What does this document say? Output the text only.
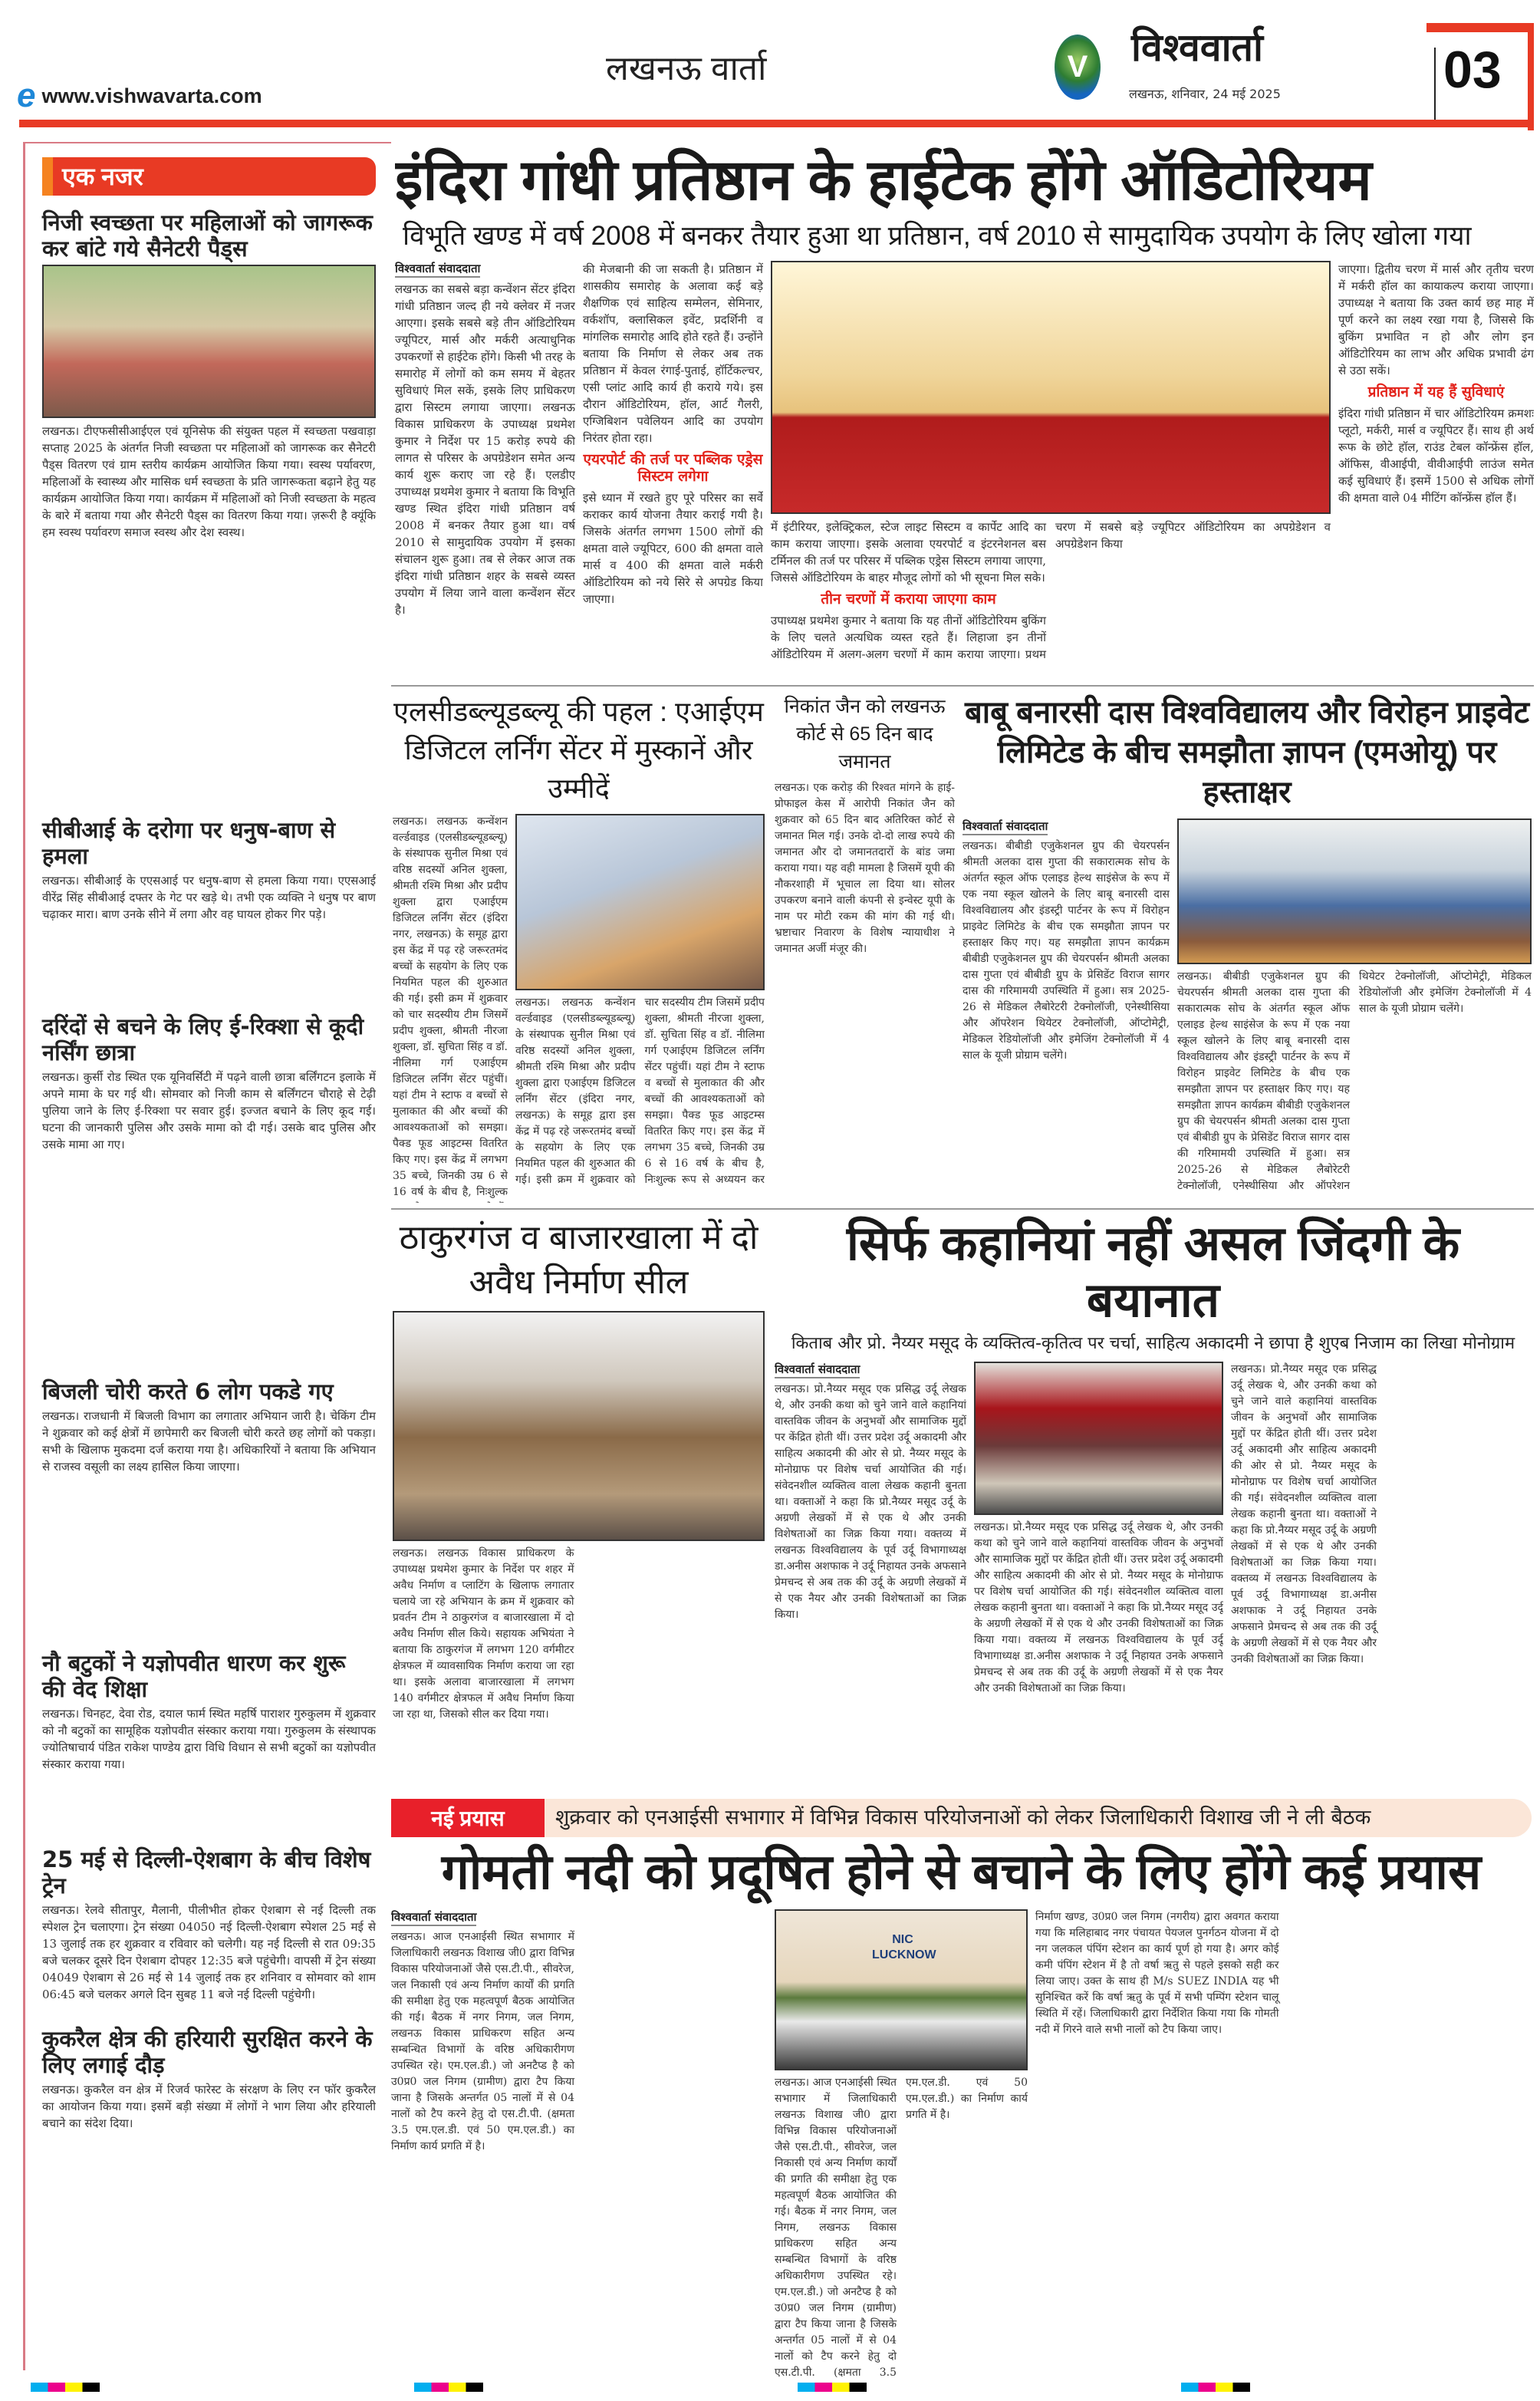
e www.vishwavarta.com
लखनऊ वार्ता	V	विश्ववार्ता
लखनऊ, शनिवार, 24 मई 2025	03
एक नजर
निजी स्वच्छता पर महिलाओं को जागरूक कर बांटे गये सैनेटरी पैड्स
लखनऊ। टीएफसीसीआईएल एवं यूनिसेफ की संयुक्त पहल में स्वच्छता पखवाड़ा सप्ताह 2025 के अंतर्गत निजी स्वच्छता पर महिलाओं को जागरूक कर सैनेटरी पैड्स वितरण एवं ग्राम स्तरीय कार्यक्रम आयोजित किया गया। स्वस्थ पर्यावरण, महिलाओं के स्वास्थ्य और मासिक धर्म स्वच्छता के प्रति जागरूकता बढ़ाने हेतु यह कार्यक्रम आयोजित किया गया। कार्यक्रम में महिलाओं को निजी स्वच्छता के महत्व के बारे में बताया गया और सैनेटरी पैड्स का वितरण किया गया। ज़रूरी है क्यूंकि हम स्वस्थ पर्यावरण समाज स्वस्थ और देश स्वस्थ।
सीबीआई के दरोगा पर धनुष-बाण से हमला
लखनऊ। सीबीआई के एएसआई पर धनुष-बाण से हमला किया गया। एएसआई वीरेंद्र सिंह सीबीआई दफ्तर के गेट पर खड़े थे। तभी एक व्यक्ति ने धनुष पर बाण चढ़ाकर मारा। बाण उनके सीने में लगा और वह घायल होकर गिर पड़े।
दरिंदों से बचने के लिए ई-रिक्शा से कूदी नर्सिंग छात्रा
लखनऊ। कुर्सी रोड स्थित एक यूनिवर्सिटी में पढ़ने वाली छात्रा बर्लिंगटन इलाके में अपने मामा के घर गई थी। सोमवार को निजी काम से बर्लिंगटन चौराहे से टेढ़ी पुलिया जाने के लिए ई-रिक्शा पर सवार हुई। इज्जत बचाने के लिए कूद गई। घटना की जानकारी पुलिस और उसके मामा को दी गई। उसके बाद पुलिस और उसके मामा आ गए।
बिजली चोरी करते 6 लोग पकडे गए
लखनऊ। राजधानी में बिजली विभाग का लगातार अभियान जारी है। चेकिंग टीम ने शुक्रवार को कई क्षेत्रों में छापेमारी कर बिजली चोरी करते छह लोगों को पकड़ा। सभी के खिलाफ मुकदमा दर्ज कराया गया है। अधिकारियों ने बताया कि अभियान से राजस्व वसूली का लक्ष्य हासिल किया जाएगा।
नौ बटुकों ने यज्ञोपवीत धारण कर शुरू की वेद शिक्षा
लखनऊ। चिनहट, देवा रोड, दयाल फार्म स्थित महर्षि पाराशर गुरुकुलम में शुक्रवार को नौ बटुकों का सामूहिक यज्ञोपवीत संस्कार कराया गया। गुरुकुलम के संस्थापक ज्योतिषाचार्य पंडित राकेश पाण्डेय द्वारा विधि विधान से सभी बटुकों का यज्ञोपवीत संस्कार कराया गया।
25 मई से दिल्ली-ऐशबाग के बीच विशेष ट्रेन
लखनऊ। रेलवे सीतापुर, मैलानी, पीलीभीत होकर ऐशबाग से नई दिल्ली तक स्पेशल ट्रेन चलाएगा। ट्रेन संख्या 04050 नई दिल्ली-ऐशबाग स्पेशल 25 मई से 13 जुलाई तक हर शुक्रवार व रविवार को चलेगी। यह नई दिल्ली से रात 09:35 बजे चलकर दूसरे दिन ऐशबाग दोपहर 12:35 बजे पहुंचेगी। वापसी में ट्रेन संख्या 04049 ऐशबाग से 26 मई से 14 जुलाई तक हर शनिवार व सोमवार को शाम 06:45 बजे चलकर अगले दिन सुबह 11 बजे नई दिल्ली पहुंचेगी।
कुकरैल क्षेत्र की हरियारी सुरक्षित करने के लिए लगाई दौड़
लखनऊ। कुकरैल वन क्षेत्र में रिजर्व फारेस्ट के संरक्षण के लिए रन फॉर कुकरैल का आयोजन किया गया। इसमें बड़ी संख्या में लोगों ने भाग लिया और हरियाली बचाने का संदेश दिया।
इंदिरा गांधी प्रतिष्ठान के हाईटेक होंगे ऑडिटोरियम
विभूति खण्ड में वर्ष 2008 में बनकर तैयार हुआ था प्रतिष्ठान, वर्ष 2010 से सामुदायिक उपयोग के लिए खोला गया
विश्ववार्ता संवाददाता
लखनऊ का सबसे बड़ा कन्वेंशन सेंटर इंदिरा गांधी प्रतिष्ठान जल्द ही नये क्लेवर में नजर आएगा। इसके सबसे बड़े तीन ऑडिटोरियम ज्यूपिटर, मार्स और मर्करी अत्याधुनिक उपकरणों से हाईटेक होंगे। किसी भी तरह के समारोह में लोगों को कम समय में बेहतर सुविधाएं मिल सकें, इसके लिए प्राधिकरण द्वारा सिस्टम लगाया जाएगा। लखनऊ विकास प्राधिकरण के उपाध्यक्ष प्रथमेश कुमार ने निर्देश पर 15 करोड़ रुपये की लागत से परिसर के अपग्रेडेशन समेत अन्य कार्य शुरू कराए जा रहे हैं। एलडीए उपाध्यक्ष प्रथमेश कुमार ने बताया कि विभूति खण्ड स्थित इंदिरा गांधी प्रतिष्ठान वर्ष 2008 में बनकर तैयार हुआ था। वर्ष 2010 से सामुदायिक उपयोग में इसका संचालन शुरू हुआ। तब से लेकर आज तक इंदिरा गांधी प्रतिष्ठान शहर के सबसे व्यस्त उपयोग में लिया जाने वाला कन्वेंशन सेंटर है।
की मेजबानी की जा सकती है। प्रतिष्ठान में शासकीय समारोह के अलावा कई बड़े शैक्षणिक एवं साहित्य सम्मेलन, सेमिनार, वर्कशॉप, क्लासिकल इवेंट, प्रदर्शिनी व मांगलिक समारोह आदि होते रहते हैं। उन्होंने बताया कि निर्माण से लेकर अब तक प्रतिष्ठान में केवल रंगाई-पुताई, हॉर्टिकल्चर, एसी प्लांट आदि कार्य ही कराये गये। इस दौरान ऑडिटोरियम, हॉल, आर्ट गैलरी, एग्जिबिशन पवेलियन आदि का उपयोग निरंतर होता रहा।
एयरपोर्ट की तर्ज पर पब्लिक एड्रेस सिस्टम लगेगा
इसे ध्यान में रखते हुए पूरे परिसर का सर्वे कराकर कार्य योजना तैयार कराई गयी है। जिसके अंतर्गत लगभग 1500 लोगों की क्षमता वाले ज्यूपिटर, 600 की क्षमता वाले मार्स व 400 की क्षमता वाले मर्करी ऑडिटोरियम को नये सिरे से अपग्रेड किया जाएगा।
में इंटीरियर, इलेक्ट्रिकल, स्टेज लाइट सिस्टम व कार्पेट आदि का काम कराया जाएगा। इसके अलावा एयरपोर्ट व इंटरनेशनल बस टर्मिनल की तर्ज पर परिसर में पब्लिक एड्रेस सिस्टम लगाया जाएगा, जिससे ऑडिटोरियम के बाहर मौजूद लोगों को भी सूचना मिल सके।
तीन चरणों में कराया जाएगा काम
उपाध्यक्ष प्रथमेश कुमार ने बताया कि यह तीनों ऑडिटोरियम बुकिंग के लिए चलते अत्यधिक व्यस्त रहते हैं। लिहाजा इन तीनों ऑडिटोरियम में अलग-अलग चरणों में काम कराया जाएगा। प्रथम चरण में सबसे बड़े ज्यूपिटर ऑडिटोरियम का अपग्रेडेशन व अपग्रेडेशन किया
जाएगा। द्वितीय चरण में मार्स और तृतीय चरण में मर्करी हॉल का कायाकल्प कराया जाएगा। उपाध्यक्ष ने बताया कि उक्त कार्य छह माह में पूर्ण करने का लक्ष्य रखा गया है, जिससे कि बुकिंग प्रभावित न हो और लोग इन ऑडिटोरियम का लाभ और अधिक प्रभावी ढंग से उठा सकें।
प्रतिष्ठान में यह हैं सुविधाएं
इंदिरा गांधी प्रतिष्ठान में चार ऑडिटोरियम क्रमशः प्लूटो, मर्करी, मार्स व ज्यूपिटर हैं। साथ ही अर्थ रूफ के छोटे हॉल, राउंड टेबल कॉन्फ्रेंस हॉल, ऑफिस, वीआईपी, वीवीआईपी लाउंज समेत कई सुविधाएं हैं। इसमें 1500 से अधिक लोगों की क्षमता वाले 04 मीटिंग कॉन्फ्रेंस हॉल हैं।
एलसीडब्ल्यूडब्ल्यू की पहल : एआईएम डिजिटल लर्निंग सेंटर में मुस्कानें और उम्मीदें
लखनऊ। लखनऊ कन्वेंशन वर्ल्डवाइड (एलसीडब्ल्यूडब्ल्यू) के संस्थापक सुनील मिश्रा एवं वरिष्ठ सदस्यों अनिल शुक्ला, श्रीमती रश्मि मिश्रा और प्रदीप शुक्ला द्वारा एआईएम डिजिटल लर्निंग सेंटर (इंदिरा नगर, लखनऊ) के समूह द्वारा इस केंद्र में पढ़ रहे जरूरतमंद बच्चों के सहयोग के लिए एक नियमित पहल की शुरुआत की गई। इसी क्रम में शुक्रवार को चार सदस्यीय टीम जिसमें प्रदीप शुक्ला, श्रीमती नीरजा शुक्ला, डॉ. सुचिता सिंह व डॉ. नीलिमा गर्ग एआईएम डिजिटल लर्निंग सेंटर पहुंचीं। यहां टीम ने स्टाफ व बच्चों से मुलाकात की और बच्चों की आवश्यकताओं को समझा। पैक्ड फूड आइटम्स वितरित किए गए। इस केंद्र में लगभग 35 बच्चे, जिनकी उम्र 6 से 16 वर्ष के बीच है, निःशुल्क
लखनऊ। लखनऊ कन्वेंशन वर्ल्डवाइड (एलसीडब्ल्यूडब्ल्यू) के संस्थापक सुनील मिश्रा एवं वरिष्ठ सदस्यों अनिल शुक्ला, श्रीमती रश्मि मिश्रा और प्रदीप शुक्ला द्वारा एआईएम डिजिटल लर्निंग सेंटर (इंदिरा नगर, लखनऊ) के समूह द्वारा इस केंद्र में पढ़ रहे जरूरतमंद बच्चों के सहयोग के लिए एक नियमित पहल की शुरुआत की गई। इसी क्रम में शुक्रवार को चार सदस्यीय टीम जिसमें प्रदीप शुक्ला, श्रीमती नीरजा शुक्ला, डॉ. सुचिता सिंह व डॉ. नीलिमा गर्ग एआईएम डिजिटल लर्निंग सेंटर पहुंचीं। यहां टीम ने स्टाफ व बच्चों से मुलाकात की और बच्चों की आवश्यकताओं को समझा। पैक्ड फूड आइटम्स वितरित किए गए। इस केंद्र में लगभग 35 बच्चे, जिनकी उम्र 6 से 16 वर्ष के बीच है, निःशुल्क रूप से अध्ययन कर
निकांत जैन को लखनऊ कोर्ट से 65 दिन बाद जमानत
लखनऊ। एक करोड़ की रिश्वत मांगने के हाई-प्रोफाइल केस में आरोपी निकांत जैन को शुक्रवार को 65 दिन बाद अतिरिक्त कोर्ट से जमानत मिल गई। उनके दो-दो लाख रुपये की जमानत और दो जमानतदारों के बांड जमा कराया गया। यह वही मामला है जिसमें यूपी की नौकरशाही में भूचाल ला दिया था। सोलर उपकरण बनाने वाली कंपनी से इन्वेस्ट यूपी के नाम पर मोटी रकम की मांग की गई थी। भ्रष्टाचार निवारण के विशेष न्यायाधीश ने जमानत अर्जी मंजूर की।
बाबू बनारसी दास विश्वविद्यालय और विरोहन प्राइवेट लिमिटेड के बीच समझौता ज्ञापन (एमओयू) पर हस्ताक्षर
विश्ववार्ता संवाददाता
लखनऊ। बीबीडी एजुकेशनल ग्रुप की चेयरपर्सन श्रीमती अलका दास गुप्ता की सकारात्मक सोच के अंतर्गत स्कूल ऑफ एलाइड हेल्थ साइंसेज के रूप में एक नया स्कूल खोलने के लिए बाबू बनारसी दास विश्वविद्यालय और इंडस्ट्री पार्टनर के रूप में विरोहन प्राइवेट लिमिटेड के बीच एक समझौता ज्ञापन पर हस्ताक्षर किए गए। यह समझौता ज्ञापन कार्यक्रम बीबीडी एजुकेशनल ग्रुप की चेयरपर्सन श्रीमती अलका दास गुप्ता एवं बीबीडी ग्रुप के प्रेसिडेंट विराज सागर दास की गरिमामयी उपस्थिति में हुआ। सत्र 2025-26 से मेडिकल लैबोरेटरी टेक्नोलॉजी, एनेस्थीसिया और ऑपरेशन थियेटर टेक्नोलॉजी, ऑप्टोमेट्री, मेडिकल रेडियोलॉजी और इमेजिंग टेक्नोलॉजी में 4 साल के यूजी प्रोग्राम चलेंगे।
लखनऊ। बीबीडी एजुकेशनल ग्रुप की चेयरपर्सन श्रीमती अलका दास गुप्ता की सकारात्मक सोच के अंतर्गत स्कूल ऑफ एलाइड हेल्थ साइंसेज के रूप में एक नया स्कूल खोलने के लिए बाबू बनारसी दास विश्वविद्यालय और इंडस्ट्री पार्टनर के रूप में विरोहन प्राइवेट लिमिटेड के बीच एक समझौता ज्ञापन पर हस्ताक्षर किए गए। यह समझौता ज्ञापन कार्यक्रम बीबीडी एजुकेशनल ग्रुप की चेयरपर्सन श्रीमती अलका दास गुप्ता एवं बीबीडी ग्रुप के प्रेसिडेंट विराज सागर दास की गरिमामयी उपस्थिति में हुआ। सत्र 2025-26 से मेडिकल लैबोरेटरी टेक्नोलॉजी, एनेस्थीसिया और ऑपरेशन थियेटर टेक्नोलॉजी, ऑप्टोमेट्री, मेडिकल रेडियोलॉजी और इमेजिंग टेक्नोलॉजी में 4 साल के यूजी प्रोग्राम चलेंगे।
ठाकुरगंज व बाजारखाला में दो अवैध निर्माण सील
लखनऊ। लखनऊ विकास प्राधिकरण के उपाध्यक्ष प्रथमेश कुमार के निर्देश पर शहर में अवैध निर्माण व प्लाटिंग के खिलाफ लगातार चलाये जा रहे अभियान के क्रम में शुक्रवार को प्रवर्तन टीम ने ठाकुरगंज व बाजारखाला में दो अवैध निर्माण सील किये। सहायक अभियंता ने बताया कि ठाकुरगंज में लगभग 120 वर्गमीटर क्षेत्रफल में व्यावसायिक निर्माण कराया जा रहा था। इसके अलावा बाजारखाला में लगभग 140 वर्गमीटर क्षेत्रफल में अवैध निर्माण किया जा रहा था, जिसको सील कर दिया गया।
सिर्फ कहानियां नहीं असल जिंदगी के बयानात
किताब और प्रो. नैय्यर मसूद के व्यक्तित्व-कृतित्व पर चर्चा, साहित्य अकादमी ने छापा है शुएब निजाम का लिखा मोनोग्राम
विश्ववार्ता संवाददाता
लखनऊ। प्रो.नैय्यर मसूद एक प्रसिद्ध उर्दू लेखक थे, और उनकी कथा को चुने जाने वाले कहानियां वास्तविक जीवन के अनुभवों और सामाजिक मुद्दों पर केंद्रित होती थीं। उत्तर प्रदेश उर्दू अकादमी और साहित्य अकादमी की ओर से प्रो. नैय्यर मसूद के मोनोग्राफ पर विशेष चर्चा आयोजित की गई। संवेदनशील व्यक्तित्व वाला लेखक कहानी बुनता था। वक्ताओं ने कहा कि प्रो.नैय्यर मसूद उर्दू के अग्रणी लेखकों में से एक थे और उनकी विशेषताओं का जिक्र किया गया। वक्तव्य में लखनऊ विश्वविद्यालय के पूर्व उर्दू विभागाध्यक्ष डा.अनीस अशफाक ने उर्दू निहायत उनके अफसाने प्रेमचन्द से अब तक की उर्दू के अग्रणी लेखकों में से एक नैयर और उनकी विशेषताओं का जिक्र किया।
लखनऊ। प्रो.नैय्यर मसूद एक प्रसिद्ध उर्दू लेखक थे, और उनकी कथा को चुने जाने वाले कहानियां वास्तविक जीवन के अनुभवों और सामाजिक मुद्दों पर केंद्रित होती थीं। उत्तर प्रदेश उर्दू अकादमी और साहित्य अकादमी की ओर से प्रो. नैय्यर मसूद के मोनोग्राफ पर विशेष चर्चा आयोजित की गई। संवेदनशील व्यक्तित्व वाला लेखक कहानी बुनता था। वक्ताओं ने कहा कि प्रो.नैय्यर मसूद उर्दू के अग्रणी लेखकों में से एक थे और उनकी विशेषताओं का जिक्र किया गया। वक्तव्य में लखनऊ विश्वविद्यालय के पूर्व उर्दू विभागाध्यक्ष डा.अनीस अशफाक ने उर्दू निहायत उनके अफसाने प्रेमचन्द से अब तक की उर्दू के अग्रणी लेखकों में से एक नैयर और उनकी विशेषताओं का जिक्र किया।
लखनऊ। प्रो.नैय्यर मसूद एक प्रसिद्ध उर्दू लेखक थे, और उनकी कथा को चुने जाने वाले कहानियां वास्तविक जीवन के अनुभवों और सामाजिक मुद्दों पर केंद्रित होती थीं। उत्तर प्रदेश उर्दू अकादमी और साहित्य अकादमी की ओर से प्रो. नैय्यर मसूद के मोनोग्राफ पर विशेष चर्चा आयोजित की गई। संवेदनशील व्यक्तित्व वाला लेखक कहानी बुनता था। वक्ताओं ने कहा कि प्रो.नैय्यर मसूद उर्दू के अग्रणी लेखकों में से एक थे और उनकी विशेषताओं का जिक्र किया गया। वक्तव्य में लखनऊ विश्वविद्यालय के पूर्व उर्दू विभागाध्यक्ष डा.अनीस अशफाक ने उर्दू निहायत उनके अफसाने प्रेमचन्द से अब तक की उर्दू के अग्रणी लेखकों में से एक नैयर और उनकी विशेषताओं का जिक्र किया।
नई प्रयास	शुक्रवार को एनआईसी सभागार में विभिन्न विकास परियोजनाओं को लेकर जिलाधिकारी विशाख जी ने ली बैठक
गोमती नदी को प्रदूषित होने से बचाने के लिए होंगे कई प्रयास
विश्ववार्ता संवाददाता
लखनऊ। आज एनआईसी स्थित सभागार में जिलाधिकारी लखनऊ विशाख जी0 द्वारा विभिन्न विकास परियोजनाओं जैसे एस.टी.पी., सीवरेज, जल निकासी एवं अन्य निर्माण कार्यों की प्रगति की समीक्षा हेतु एक महत्वपूर्ण बैठक आयोजित की गई। बैठक में नगर निगम, जल निगम, लखनऊ विकास प्राधिकरण सहित अन्य सम्बन्धित विभागों के वरिष्ठ अधिकारीगण उपस्थित रहे। एम.एल.डी.) जो अनटैप्ड है को उ0प्र0 जल निगम (ग्रामीण) द्वारा टैप किया जाना है जिसके अन्तर्गत 05 नालों में से 04 नालों को टैप करने हेतु दो एस.टी.पी. (क्षमता 3.5 एम.एल.डी. एवं 50 एम.एल.डी.) का निर्माण कार्य प्रगति में है।
NIC LUCKNOW
लखनऊ। आज एनआईसी स्थित सभागार में जिलाधिकारी लखनऊ विशाख जी0 द्वारा विभिन्न विकास परियोजनाओं जैसे एस.टी.पी., सीवरेज, जल निकासी एवं अन्य निर्माण कार्यों की प्रगति की समीक्षा हेतु एक महत्वपूर्ण बैठक आयोजित की गई। बैठक में नगर निगम, जल निगम, लखनऊ विकास प्राधिकरण सहित अन्य सम्बन्धित विभागों के वरिष्ठ अधिकारीगण उपस्थित रहे। एम.एल.डी.) जो अनटैप्ड है को उ0प्र0 जल निगम (ग्रामीण) द्वारा टैप किया जाना है जिसके अन्तर्गत 05 नालों में से 04 नालों को टैप करने हेतु दो एस.टी.पी. (क्षमता 3.5 एम.एल.डी. एवं 50 एम.एल.डी.) का निर्माण कार्य प्रगति में है।
निर्माण खण्ड, उ0प्र0 जल निगम (नगरीय) द्वारा अवगत कराया गया कि मलिहाबाद नगर पंचायत पेयजल पुनर्गठन योजना में दो नग जलकल पंपिंग स्टेशन का कार्य पूर्ण हो गया है। अगर कोई कमी पंपिंग स्टेशन में है तो वर्षा ऋतु से पहले इसको सही कर लिया जाए। उक्त के साथ ही M/s SUEZ INDIA यह भी सुनिश्चित करें कि वर्षा ऋतु के पूर्व में सभी पम्पिंग स्टेशन चालू स्थिति में रहें। जिलाधिकारी द्वारा निर्देशित किया गया कि गोमती नदी में गिरने वाले सभी नालों को टैप किया जाए।
